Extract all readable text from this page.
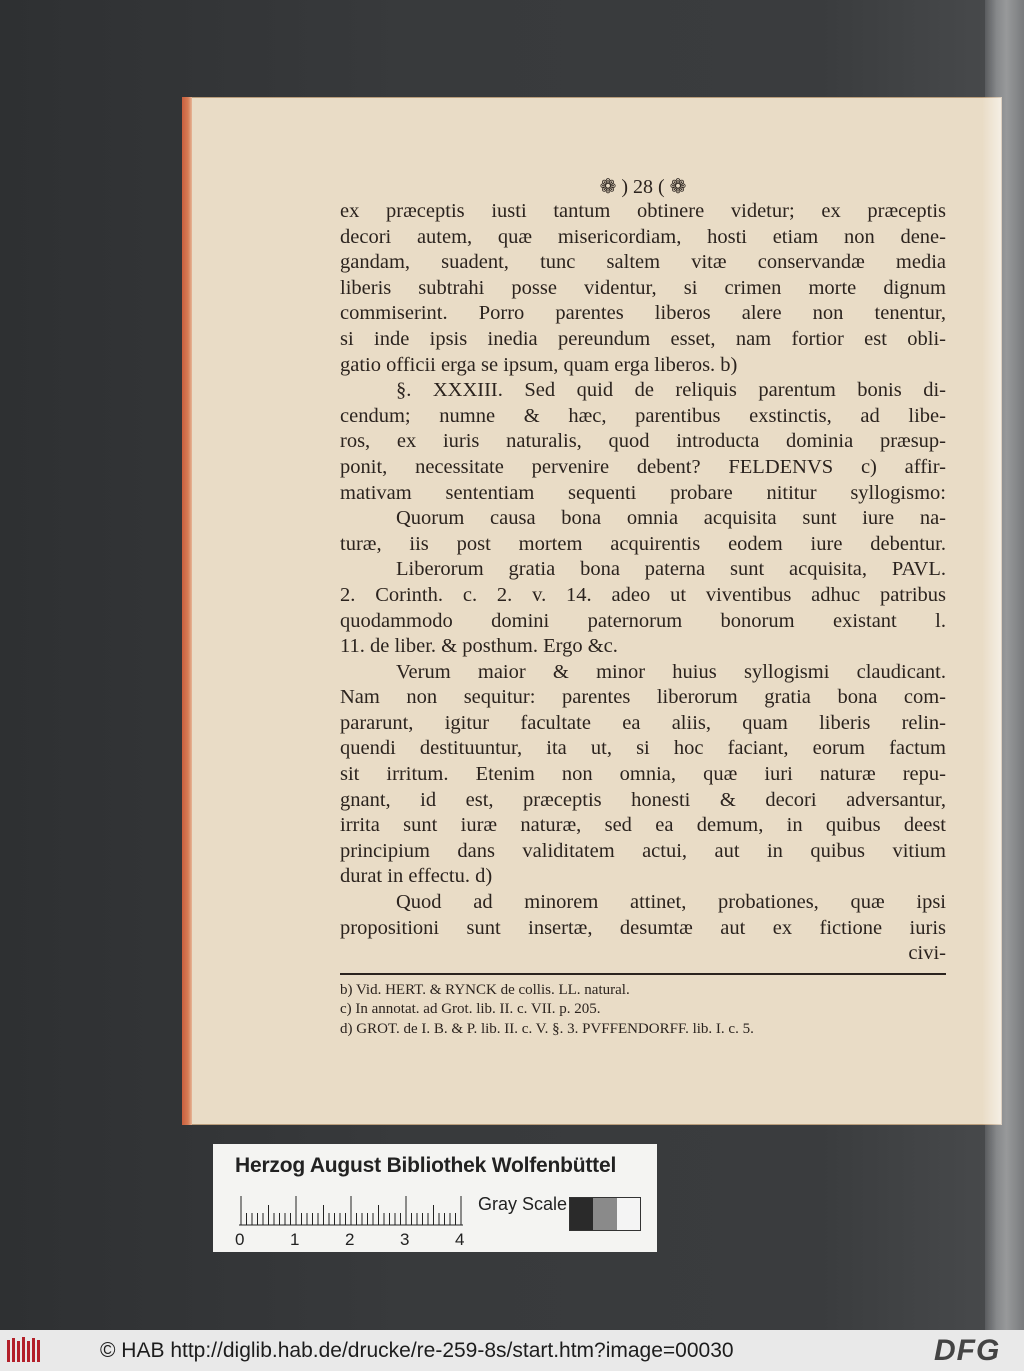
❁ ) 28 ( ❁
ex præceptis iusti tantum obtinere videtur; ex præceptis
decori autem, quæ misericordiam, hosti etiam non dene-
gandam, suadent, tunc saltem vitæ conservandæ media
liberis subtrahi posse videntur, si crimen morte dignum
commiserint. Porro parentes liberos alere non tenentur,
si inde ipsis inedia pereundum esset, nam fortior est obli-
gatio officii erga se ipsum, quam erga liberos. b)
§. XXXIII. Sed quid de reliquis parentum bonis di-
cendum; numne & hæc, parentibus exstinctis, ad libe-
ros, ex iuris naturalis, quod introducta dominia præsup-
ponit, necessitate pervenire debent? FELDENVS c) affir-
mativam sententiam sequenti probare nititur syllogismo:
Quorum causa bona omnia acquisita sunt iure na-
turæ, iis post mortem acquirentis eodem iure debentur.
Liberorum gratia bona paterna sunt acquisita, PAVL.
2. Corinth. c. 2. v. 14. adeo ut viventibus adhuc patribus
quodammodo domini paternorum bonorum existant l.
11. de liber. & posthum. Ergo &c.
Verum maior & minor huius syllogismi claudicant.
Nam non sequitur: parentes liberorum gratia bona com-
pararunt, igitur facultate ea aliis, quam liberis relin-
quendi destituuntur, ita ut, si hoc faciant, eorum factum
sit irritum. Etenim non omnia, quæ iuri naturæ repu-
gnant, id est, præceptis honesti & decori adversantur,
irrita sunt iuræ naturæ, sed ea demum, in quibus deest
principium dans validitatem actui, aut in quibus vitium
durat in effectu. d)
Quod ad minorem attinet, probationes, quæ ipsi
propositioni sunt insertæ, desumtæ aut ex fictione iuris
civi-
b) Vid. HERT. & RYNCK de collis. LL. natural.
c) In annotat. ad Grot. lib. II. c. VII. p. 205.
d) GROT. de I. B. & P. lib. II. c. V. §. 3. PVFFENDORFF. lib. I. c. 5.
Herzog August Bibliothek Wolfenbüttel
0	1	2	3	4
Gray Scale
© HAB http://diglib.hab.de/drucke/re-259-8s/start.htm?image=00030	DFG
